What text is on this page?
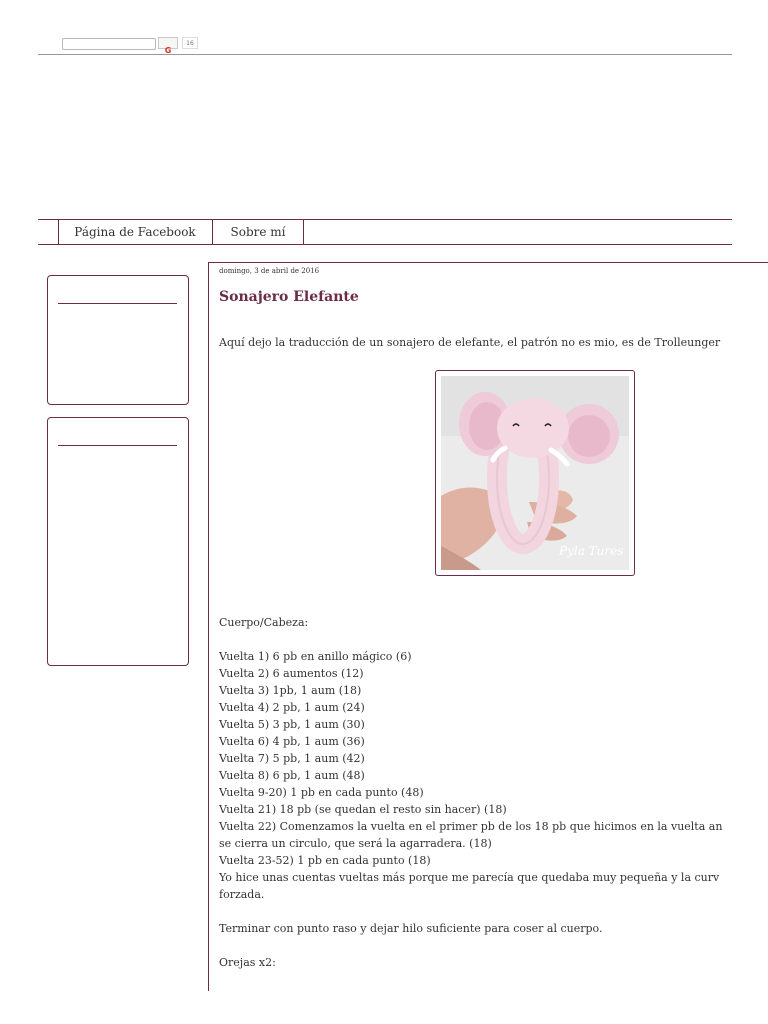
G
16
Página de Facebook	Sobre mí
domingo, 3 de abril de 2016
Sonajero Elefante
Aquí dejo la traducción de un sonajero de elefante, el patrón no es mio, es de Trolleunger
Pyla Tures
Cuerpo/Cabeza:
Vuelta 1) 6 pb en anillo mágico (6)
Vuelta 2) 6 aumentos (12)
Vuelta 3) 1pb, 1 aum (18)
Vuelta 4) 2 pb, 1 aum (24)
Vuelta 5) 3 pb, 1 aum (30)
Vuelta 6) 4 pb, 1 aum (36)
Vuelta 7) 5 pb, 1 aum (42)
Vuelta 8) 6 pb, 1 aum (48)
Vuelta 9-20) 1 pb en cada punto (48)
Vuelta 21) 18 pb (se quedan el resto sin hacer) (18)
Vuelta 22) Comenzamos la vuelta en el primer pb de los 18 pb que hicimos en la vuelta an
se cierra un circulo, que será la agarradera. (18)
Vuelta 23-52) 1 pb en cada punto (18)
Yo hice unas cuentas vueltas más porque me parecía que quedaba muy pequeña y la curv
forzada.
Terminar con punto raso y dejar hilo suficiente para coser al cuerpo.
Orejas x2:
